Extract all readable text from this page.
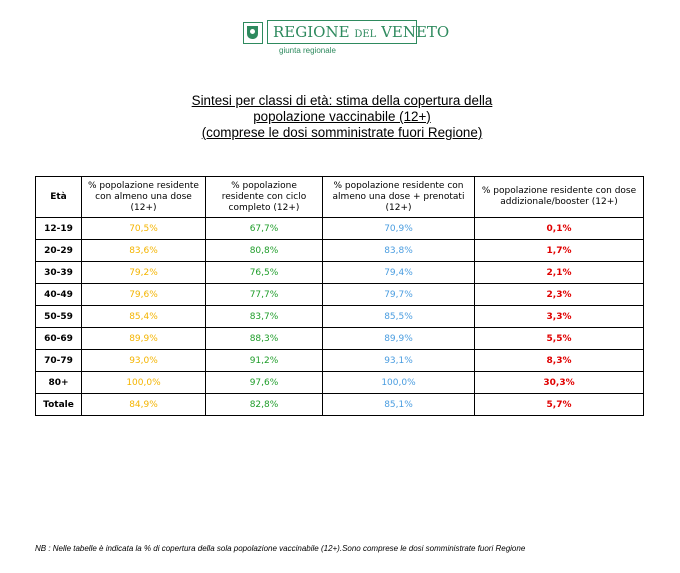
REGIONE DEL VENETO
giunta regionale
Sintesi per classi di età: stima della copertura della
popolazione vaccinabile (12+)
(comprese le dosi somministrate fuori Regione)
Età	% popolazione residente con almeno una dose (12+)	% popolazione residente con ciclo completo (12+)	% popolazione residente con almeno una dose + prenotati (12+)	% popolazione residente con dose addizionale/booster (12+)
12-19	70,5%	67,7%	70,9%	0,1%
20-29	83,6%	80,8%	83,8%	1,7%
30-39	79,2%	76,5%	79,4%	2,1%
40-49	79,6%	77,7%	79,7%	2,3%
50-59	85,4%	83,7%	85,5%	3,3%
60-69	89,9%	88,3%	89,9%	5,5%
70-79	93,0%	91,2%	93,1%	8,3%
80+	100,0%	97,6%	100,0%	30,3%
Totale	84,9%	82,8%	85,1%	5,7%
NB : Nelle tabelle è indicata la % di copertura della sola popolazione vaccinabile (12+).Sono comprese le dosi somministrate fuori Regione
